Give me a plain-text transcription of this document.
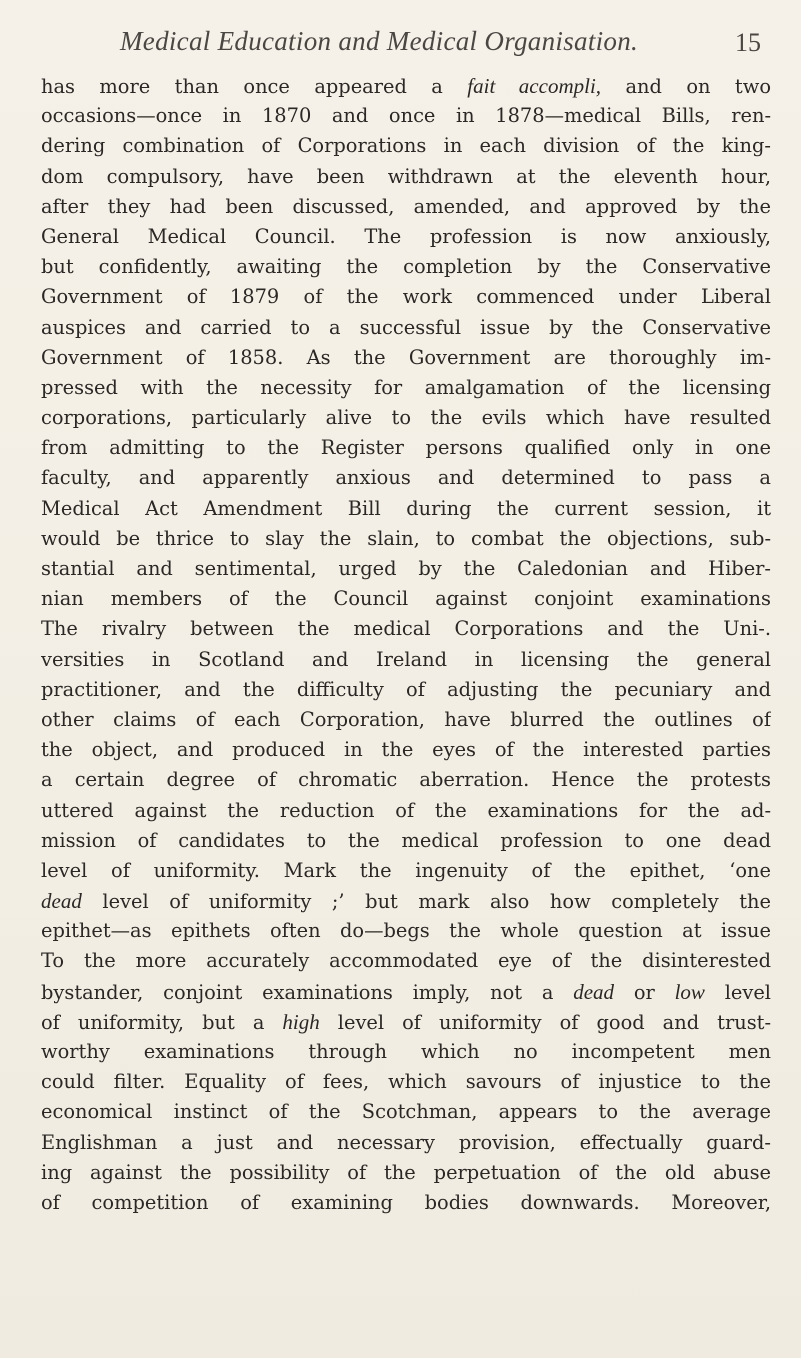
Medical Education and Medical Organisation.	15
has more than once appeared a fait accompli, and on two
occasions—once in 1870 and once in 1878—medical Bills, ren-
dering combination of Corporations in each division of the king-
dom compulsory, have been withdrawn at the eleventh hour,
after they had been discussed, amended, and approved by the
General Medical Council. The profession is now anxiously,
but confidently, awaiting the completion by the Conservative
Government of 1879 of the work commenced under Liberal
auspices and carried to a successful issue by the Conservative
Government of 1858. As the Government are thoroughly im-
pressed with the necessity for amalgamation of the licensing
corporations, particularly alive to the evils which have resulted
from admitting to the Register persons qualified only in one
faculty, and apparently anxious and determined to pass a
Medical Act Amendment Bill during the current session, it
would be thrice to slay the slain, to combat the objections, sub-
stantial and sentimental, urged by the Caledonian and Hiber-
nian members of the Council against conjoint examinations
The rivalry between the medical Corporations and the Uni-.
versities in Scotland and Ireland in licensing the general
practitioner, and the difficulty of adjusting the pecuniary and
other claims of each Corporation, have blurred the outlines of
the object, and produced in the eyes of the interested parties
a certain degree of chromatic aberration. Hence the protests
uttered against the reduction of the examinations for the ad-
mission of candidates to the medical profession to one dead
level of uniformity. Mark the ingenuity of the epithet, ‘one
dead level of uniformity ;’ but mark also how completely the
epithet—as epithets often do—begs the whole question at issue
To the more accurately accommodated eye of the disinterested
bystander, conjoint examinations imply, not a dead or low level
of uniformity, but a high level of uniformity of good and trust-
worthy examinations through which no incompetent men
could filter. Equality of fees, which savours of injustice to the
economical instinct of the Scotchman, appears to the average
Englishman a just and necessary provision, effectually guard-
ing against the possibility of the perpetuation of the old abuse
of competition of examining bodies downwards. Moreover,
